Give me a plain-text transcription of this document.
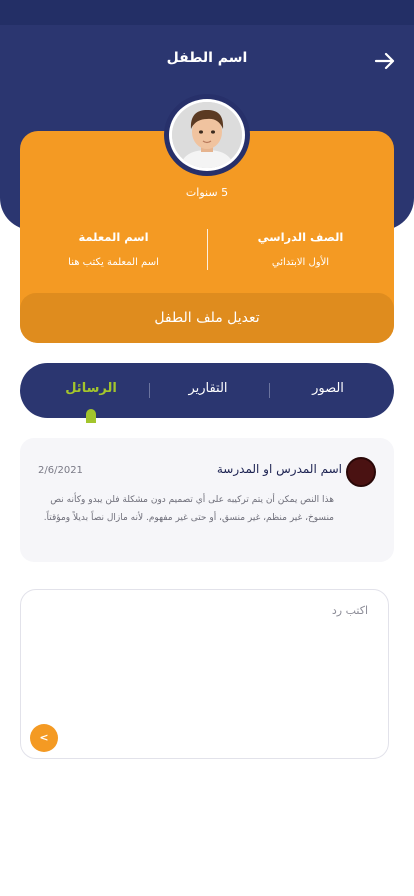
اسم الطفل
5 سنوات
الصف الدراسي
الأول الابتدائي
اسم المعلمة
اسم المعلمة يكتب هنا
تعديل ملف الطفل
الصور
التقارير
الرسائل
اسم المدرس او المدرسة
2/6/2021
هذا النص يمكن أن يتم تركيبه على أي تصميم دون مشكلة فلن يبدو وكأنه نص منسوخ، غير منظم، غير منسق، أو حتى غير مفهوم. لأنه مازال نصاً بديلاً ومؤقتاً.
اكتب رد
<
